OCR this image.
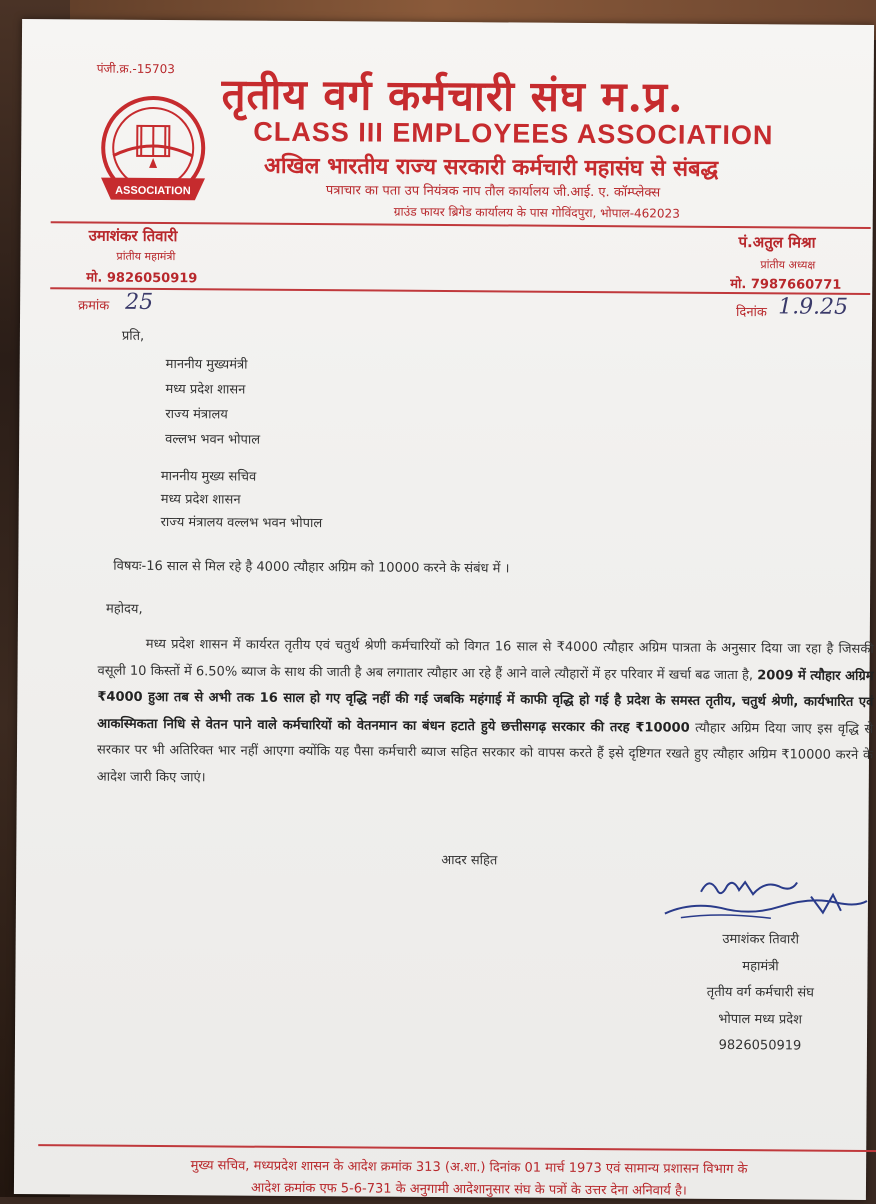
पंजी.क्र.-15703
ASSOCIATION
तृतीय वर्ग कर्मचारी संघ म.प्र.
CLASS III EMPLOYEES ASSOCIATION
अखिल भारतीय राज्य सरकारी कर्मचारी महासंघ से संबद्ध
पत्राचार का पता उप नियंत्रक नाप तौल कार्यालय जी.आई. ए. कॉम्प्लेक्स
ग्राउंड फायर ब्रिगेड कार्यालय के पास गोविंदपुरा, भोपाल-462023
उमाशंकर तिवारी
प्रांतीय महामंत्री
मो. 9826050919
पं.अतुल मिश्रा
प्रांतीय अध्यक्ष
मो. 7987660771
क्रमांक 25	दिनांक 1.9.25
प्रति,
माननीय मुख्यमंत्री
मध्य प्रदेश शासन
राज्य मंत्रालय
वल्लभ भवन भोपाल
माननीय मुख्य सचिव
मध्य प्रदेश शासन
राज्य मंत्रालय वल्लभ भवन भोपाल
विषयः-16 साल से मिल रहे है 4000 त्यौहार अग्रिम को 10000 करने के संबंध में ।
महोदय,
मध्य प्रदेश शासन में कार्यरत तृतीय एवं चतुर्थ श्रेणी कर्मचारियों को विगत 16 साल से ₹4000 त्यौहार अग्रिम पात्रता के अनुसार दिया जा रहा है जिसकी वसूली 10 किस्तों में 6.50% ब्याज के साथ की जाती है अब लगातार त्यौहार आ रहे हैं आने वाले त्यौहारों में हर परिवार में खर्चा बढ जाता है, 2009 में त्यौहार अग्रिम ₹4000 हुआ तब से अभी तक 16 साल हो गए वृद्धि नहीं की गई जबकि महंगाई में काफी वृद्धि हो गई है प्रदेश के समस्त तृतीय, चतुर्थ श्रेणी, कार्यभारित एवं आकस्मिकता निधि से वेतन पाने वाले कर्मचारियों को वेतनमान का बंधन हटाते हुये छत्तीसगढ़ सरकार की तरह ₹10000 त्यौहार अग्रिम दिया जाए इस वृद्धि से सरकार पर भी अतिरिक्त भार नहीं आएगा क्योंकि यह पैसा कर्मचारी ब्याज सहित सरकार को वापस करते हैं इसे दृष्टिगत रखते हुए त्यौहार अग्रिम ₹10000 करने के आदेश जारी किए जाएं।
आदर सहित
उमाशंकर तिवारी
महामंत्री
तृतीय वर्ग कर्मचारी संघ
भोपाल मध्य प्रदेश
9826050919
मुख्य सचिव, मध्यप्रदेश शासन के आदेश क्रमांक 313 (अ.शा.) दिनांक 01 मार्च 1973 एवं सामान्य प्रशासन विभाग के
आदेश क्रमांक एफ 5-6-731 के अनुगामी आदेशानुसार संघ के पत्रों के उत्तर देना अनिवार्य है।
